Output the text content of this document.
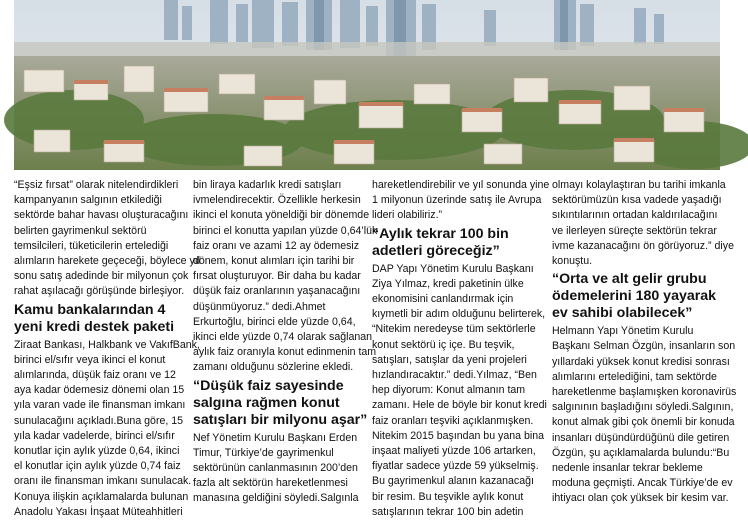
“Eşsiz fırsat” olarak nitelendirdikleri
kampanyanın salgının etkilediği
sektörde bahar havası oluşturacağını
belirten gayrimenkul sektörü
temsilcileri, tüketicilerin ertelediği
alımların harekete geçeceği, böylece yıl
sonu satış adedinde bir milyonun çok
rahat aşılacağı görüşünde birleşiyor.

Kamu bankalarından 4
yeni kredi destek paketi

Ziraat Bankası, Halkbank ve VakıfBank,
birinci el/sıfır veya ikinci el konut
alımlarında, düşük faiz oranı ve 12
aya kadar ödemesiz dönemi olan 15
yıla varan vade ile finansman imkanı
sunulacağını açıkladı.Buna göre, 15
yıla kadar vadelerde, birinci el/sıfır
konutlar için aylık yüzde 0,64, ikinci
el konutlar için aylık yüzde 0,74 faiz
oranı ile finansman imkanı sunulacak.
Konuya ilişkin açıklamalarda bulunan
Anadolu Yakası İnşaat Müteahhitleri

bin liraya kadarlık kredi satışları
ivmelendirecektir. Özellikle herkesin
ikinci el konuta yöneldiği bir dönemde
birinci el konutta yapılan yüzde 0,64’lük
faiz oranı ve azami 12 ay ödemesiz
dönem, konut alımları için tarihi bir
fırsat oluşturuyor. Bir daha bu kadar
düşük faiz oranlarının yaşanacağını
düşünmüyoruz.” dedi.Ahmet
Erkurtoğlu, birinci elde yüzde 0,64,
ikinci elde yüzde 0,74 olarak sağlanan
aylık faiz oranıyla konut edinmenin tam
zamanı olduğunu sözlerine ekledi.

“Düşük faiz sayesinde
salgına rağmen konut
satışları bir milyonu aşar”

Nef Yönetim Kurulu Başkanı Erden
Timur, Türkiye’de gayrimenkul
sektörünün canlanmasının 200’den
fazla alt sektörün hareketlenmesi
manasına geldiğini söyledi.Salgınla

hareketlendirebilir ve yıl sonunda yine
1 milyonun üzerinde satış ile Avrupa
lideri olabiliriz.”

“Aylık tekrar 100 bin
adetleri göreceğiz”

DAP Yapı Yönetim Kurulu Başkanı
Ziya Yılmaz, kredi paketinin ülke
ekonomisini canlandırmak için
kıymetli bir adım olduğunu belirterek,
“Nitekim neredeyse tüm sektörlerle
konut sektörü iç içe. Bu teşvik,
satışları, satışlar da yeni projeleri
hızlandıracaktır.” dedi.Yılmaz, “Ben
hep diyorum: Konut almanın tam
zamanı. Hele de böyle bir konut kredi
faiz oranları teşviki açıklanmışken.
Nitekim 2015 başından bu yana bina
inşaat maliyeti yüzde 106 artarken,
fiyatlar sadece yüzde 59 yükselmiş.
Bu gayrimenkul alanın kazanacağı
bir resim. Bu teşvikle aylık konut
satışlarının tekrar 100 bin adetin

olmayı kolaylaştıran bu tarihi imkanla
sektörümüzün kısa vadede yaşadığı
sıkıntılarının ortadan kaldırılacağını
ve ilerleyen süreçte sektörün tekrar
ivme kazanacağını ön görüyoruz.” diye
konuştu.

“Orta ve alt gelir grubu
ödemelerini 180 yayarak
ev sahibi olabilecek”

Helmann Yapı Yönetim Kurulu
Başkanı Selman Özgün, insanların son
yıllardaki yüksek konut kredisi sonrası
alımlarını ertelediğini, tam sektörde
hareketlenme başlamışken koronavirüs
salgınının başladığını söyledi.Salgının,
konut almak gibi çok önemli bir konuda
insanları düşündürdüğünü dile getiren
Özgün, şu açıklamalarda bulundu:“Bu
nedenle insanlar tekrar bekleme
moduna geçmişti. Ancak Türkiye’de ev
ihtiyacı olan çok yüksek bir kesim var.
